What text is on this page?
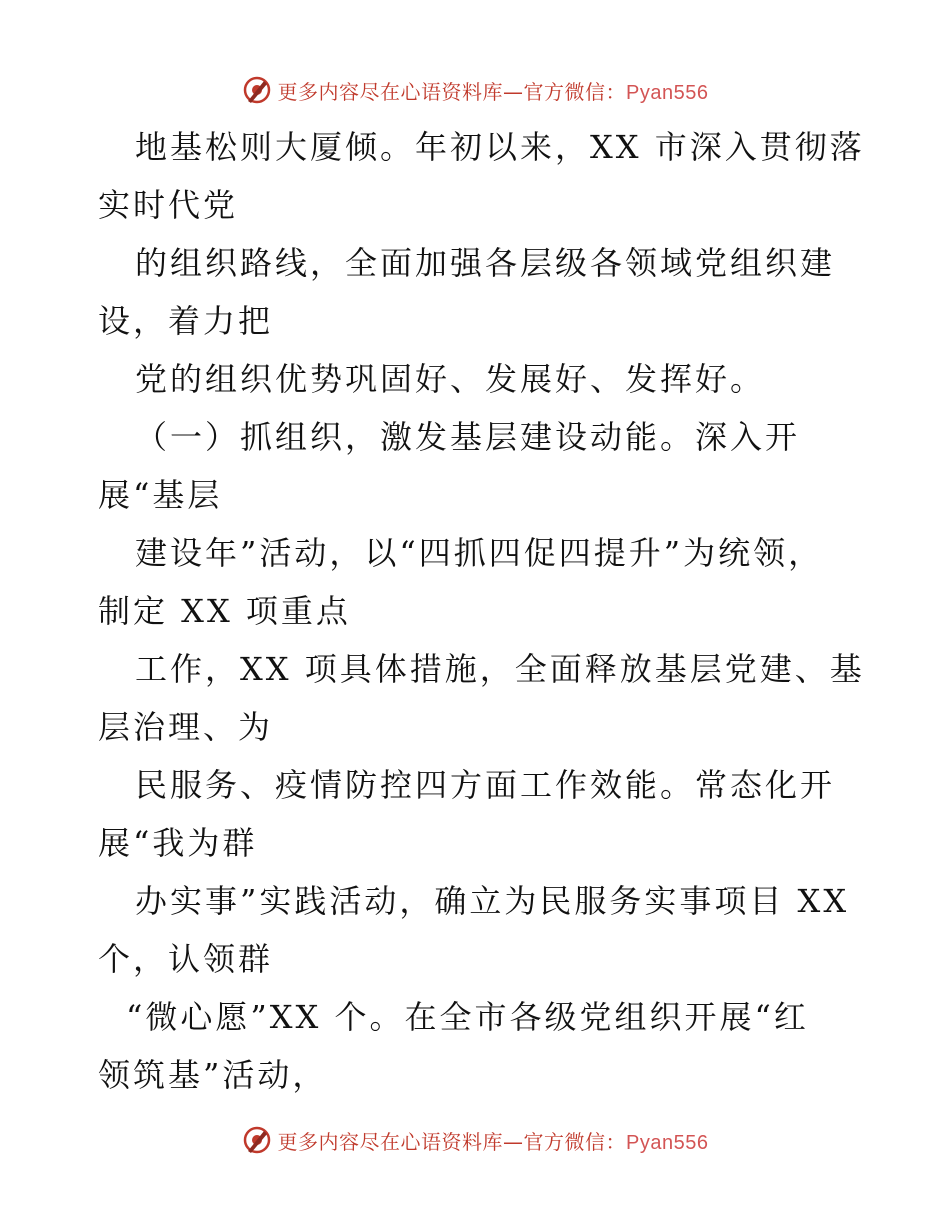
更多内容尽在心语资料库—官方微信：Pyan556
地基松则大厦倾。年初以来，XX 市深入贯彻落
实时代党
的组织路线，全面加强各层级各领域党组织建
设，着力把
党的组织优势巩固好、发展好、发挥好。
（一）抓组织，激发基层建设动能。深入开
展“基层
建设年”活动，以“四抓四促四提升”为统领，
制定 XX 项重点
工作，XX 项具体措施，全面释放基层党建、基
层治理、为
民服务、疫情防控四方面工作效能。常态化开
展“我为群
办实事”实践活动，确立为民服务实事项目 XX
个，认领群
“微心愿”XX 个。在全市各级党组织开展“红
领筑基”活动，
更多内容尽在心语资料库—官方微信：Pyan556
